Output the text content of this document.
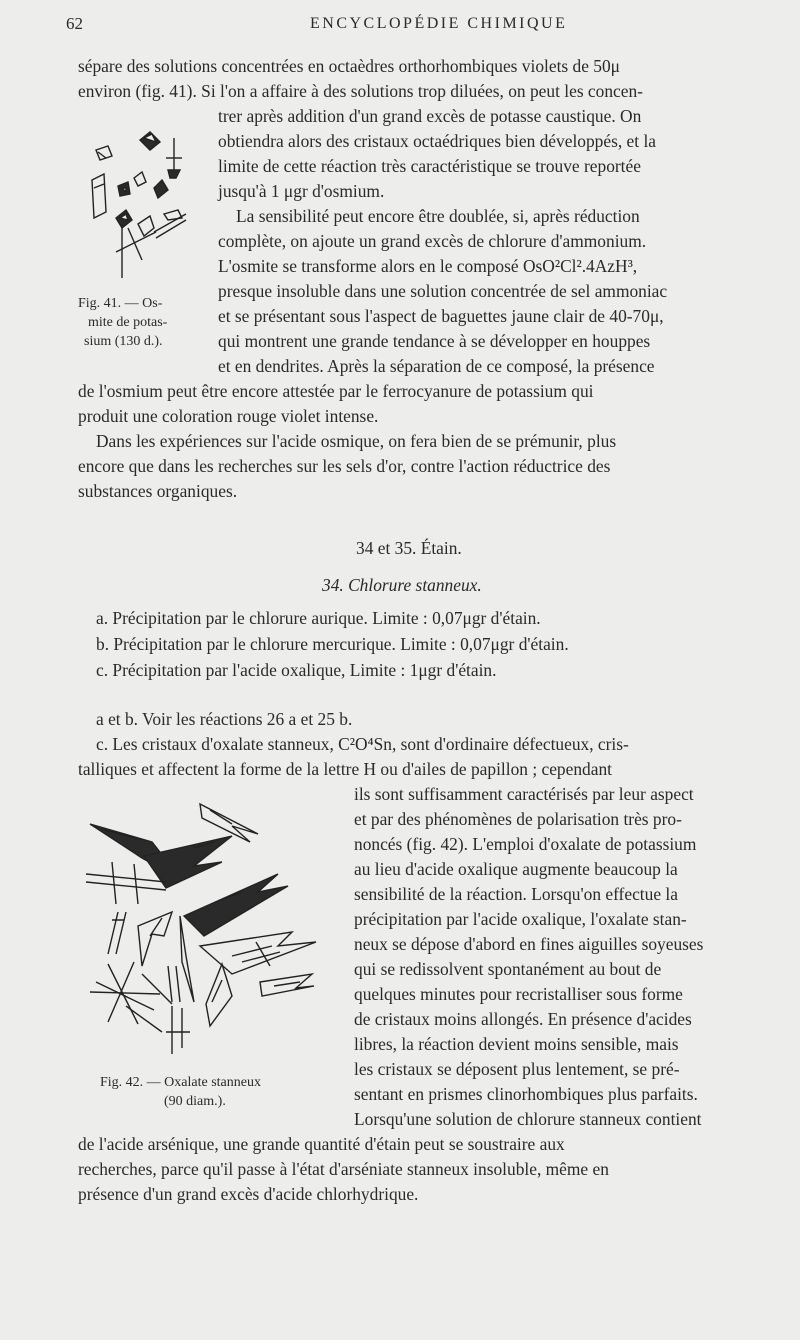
62	ENCYCLOPÉDIE CHIMIQUE
Fig. 41. — Os-
mite de potas-
sium (130 d.).
sépare des solutions concentrées en octaèdres orthorhombiques violets de 50μ
environ (fig. 41). Si l'on a affaire à des solutions trop diluées, on peut les concen-
trer après addition d'un grand excès de potasse caustique. On
obtiendra alors des cristaux octaédriques bien développés, et la
limite de cette réaction très caractéristique se trouve reportée
jusqu'à 1 μgr d'osmium.
La sensibilité peut encore être doublée, si, après réduction
complète, on ajoute un grand excès de chlorure d'ammonium.
L'osmite se transforme alors en le composé OsO²Cl².4AzH³,
presque insoluble dans une solution concentrée de sel ammoniac
et se présentant sous l'aspect de baguettes jaune clair de 40-70μ,
qui montrent une grande tendance à se développer en houppes
et en dendrites. Après la séparation de ce composé, la présence
de l'osmium peut être encore attestée par le ferrocyanure de potassium qui
produit une coloration rouge violet intense.
Dans les expériences sur l'acide osmique, on fera bien de se prémunir, plus
encore que dans les recherches sur les sels d'or, contre l'action réductrice des
substances organiques.
34 et 35. Étain.
34. Chlorure stanneux.
a. Précipitation par le chlorure aurique. Limite : 0,07μgr d'étain.
b. Précipitation par le chlorure mercurique. Limite : 0,07μgr d'étain.
c. Précipitation par l'acide oxalique, Limite : 1μgr d'étain.
a et b. Voir les réactions 26 a et 25 b.
c. Les cristaux d'oxalate stanneux, C²O⁴Sn, sont d'ordinaire défectueux, cris-
talliques et affectent la forme de la lettre H ou d'ailes de papillon ; cependant
ils sont suffisamment caractérisés par leur aspect
et par des phénomènes de polarisation très pro-
noncés (fig. 42). L'emploi d'oxalate de potassium
au lieu d'acide oxalique augmente beaucoup la
sensibilité de la réaction. Lorsqu'on effectue la
précipitation par l'acide oxalique, l'oxalate stan-
neux se dépose d'abord en fines aiguilles soyeuses
qui se redissolvent spontanément au bout de
quelques minutes pour recristalliser sous forme
de cristaux moins allongés. En présence d'acides
libres, la réaction devient moins sensible, mais
les cristaux se déposent plus lentement, se pré-
sentant en prismes clinorhombiques plus parfaits.
Lorsqu'une solution de chlorure stanneux contient
de l'acide arsénique, une grande quantité d'étain peut se soustraire aux
recherches, parce qu'il passe à l'état d'arséniate stanneux insoluble, même en
présence d'un grand excès d'acide chlorhydrique.
Fig. 42. — Oxalate stanneux
(90 diam.).
